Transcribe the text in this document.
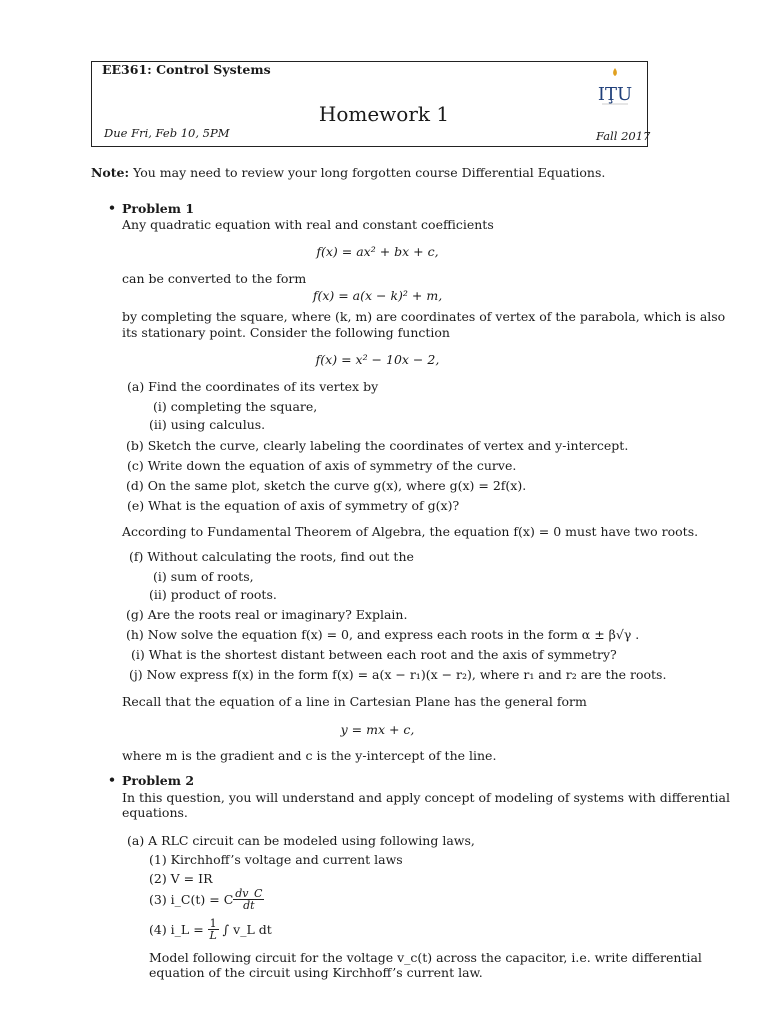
EE361: Control Systems
Homework 1
Due Fri, Feb 10, 5PM	Fall 2017
IŢU
Note: You may need to review your long forgotten course Differential Equations.
• Problem 1
Any quadratic equation with real and constant coefficients
f(x) = ax² + bx + c,
can be converted to the form
f(x) = a(x − k)² + m,
by completing the square, where (k, m) are coordinates of vertex of the parabola, which is also
its stationary point. Consider the following function
f(x) = x² − 10x − 2,
(a) Find the coordinates of its vertex by
(i) completing the square,
(ii) using calculus.
(b) Sketch the curve, clearly labeling the coordinates of vertex and y-intercept.
(c) Write down the equation of axis of symmetry of the curve.
(d) On the same plot, sketch the curve g(x), where g(x) = 2f(x).
(e) What is the equation of axis of symmetry of g(x)?
According to Fundamental Theorem of Algebra, the equation f(x) = 0 must have two roots.
(f) Without calculating the roots, find out the
(i) sum of roots,
(ii) product of roots.
(g) Are the roots real or imaginary? Explain.
(h) Now solve the equation f(x) = 0, and express each roots in the form α ± β√γ .
(i) What is the shortest distant between each root and the axis of symmetry?
(j) Now express f(x) in the form f(x) = a(x − r₁)(x − r₂), where r₁ and r₂ are the roots.
Recall that the equation of a line in Cartesian Plane has the general form
y = mx + c,
where m is the gradient and c is the y-intercept of the line.
• Problem 2
In this question, you will understand and apply concept of modeling of systems with differential
equations.
(a) A RLC circuit can be modeled using following laws,
(1) Kirchhoff’s voltage and current laws
(2) V = IR
(3) i_C(t) = C $\frac{dv\_C}{dt}$
(4) i_L = $\frac{1}{L}$ ∫ v_L dt
Model following circuit for the voltage v_c(t) across the capacitor, i.e. write differential
equation of the circuit using Kirchhoff’s current law.
